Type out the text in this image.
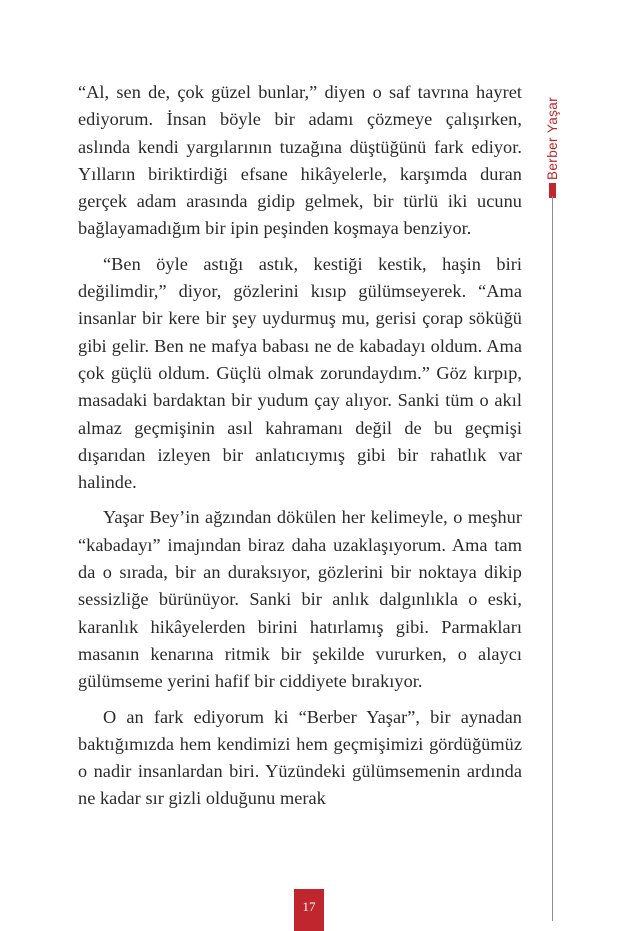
“Al, sen de, çok güzel bunlar,” diyen o saf tavrına hayret ediyorum. İnsan böyle bir adamı çözmeye çalışırken, aslında kendi yargılarının tuzağına düştüğünü fark ediyor. Yılların biriktirdiği efsane hikâyelerle, karşımda duran gerçek adam arasında gidip gelmek, bir türlü iki ucunu bağlayamadığım bir ipin peşinden koşmaya benziyor.

“Ben öyle astığı astık, kestiği kestik, haşin biri değilimdir,” diyor, gözlerini kısıp gülümseyerek. “Ama insanlar bir kere bir şey uydurmuş mu, gerisi çorap söküğü gibi gelir. Ben ne mafya babası ne de kabadayı oldum. Ama çok güçlü oldum. Güçlü olmak zorundaydım.” Göz kırpıp, masadaki bardaktan bir yudum çay alıyor. Sanki tüm o akıl almaz geçmişinin asıl kahramanı değil de bu geçmişi dışarıdan izleyen bir anlatıcıymış gibi bir rahatlık var halinde.

Yaşar Bey’in ağzından dökülen her kelimeyle, o meşhur “kabadayı” imajından biraz daha uzaklaşıyorum. Ama tam da o sırada, bir an duraksıyor, gözlerini bir noktaya dikip sessizliğe bürünüyor. Sanki bir anlık dalgınlıkla o eski, karanlık hikâyelerden birini hatırlamış gibi. Parmakları masanın kenarına ritmik bir şekilde vururken, o alaycı gülümseme yerini hafif bir ciddiyete bırakıyor.

O an fark ediyorum ki “Berber Yaşar”, bir aynadan baktığımızda hem kendimizi hem geçmişimizi gördüğümüz o nadir insanlardan biri. Yüzündeki gülümsemenin ardında ne kadar sır gizli olduğunu merak

Berber Yaşar
17
